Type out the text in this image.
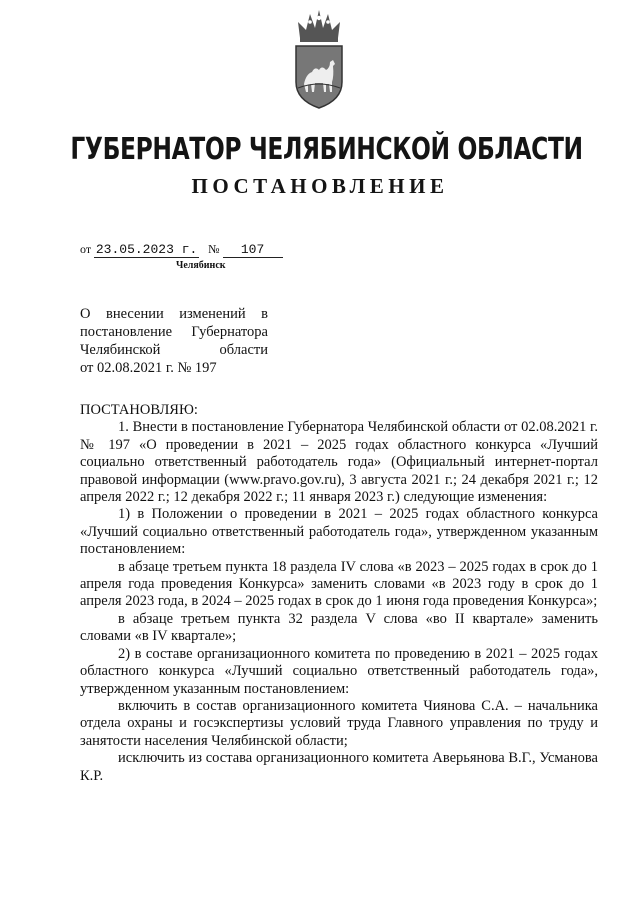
ГУБЕРНАТОР ЧЕЛЯБИНСКОЙ ОБЛАСТИ
ПОСТАНОВЛЕНИЕ
от 23.05.2023 г. № 107
Челябинск
О внесении изменений в
постановление Губернатора
Челябинской области
от 02.08.2021 г. № 197

ПОСТАНОВЛЯЮ:

1. Внести в постановление Губернатора Челябинской области от 02.08.2021 г. № 197 «О проведении в 2021 – 2025 годах областного конкурса «Лучший социально ответственный работодатель года» (Официальный интернет-портал правовой информации (www.pravo.gov.ru), 3 августа 2021 г.; 24 декабря 2021 г.; 12 апреля 2022 г.; 12 декабря 2022 г.; 11 января 2023 г.) следующие изменения:

1) в Положении о проведении в 2021 – 2025 годах областного конкурса «Лучший социально ответственный работодатель года», утвержденном указанным постановлением:

в абзаце третьем пункта 18 раздела IV слова «в 2023 – 2025 годах в срок до 1 апреля года проведения Конкурса» заменить словами «в 2023 году в срок до 1 апреля 2023 года, в 2024 – 2025 годах в срок до 1 июня года проведения Конкурса»;

в абзаце третьем пункта 32 раздела V слова «во II квартале» заменить словами «в IV квартале»;

2) в составе организационного комитета по проведению в 2021 – 2025 годах областного конкурса «Лучший социально ответственный работодатель года», утвержденном указанным постановлением:

включить в состав организационного комитета Чиянова С.А. – начальника отдела охраны и госэкспертизы условий труда Главного управления по труду и занятости населения Челябинской области;

исключить из состава организационного комитета Аверьянова В.Г., Усманова К.Р.
